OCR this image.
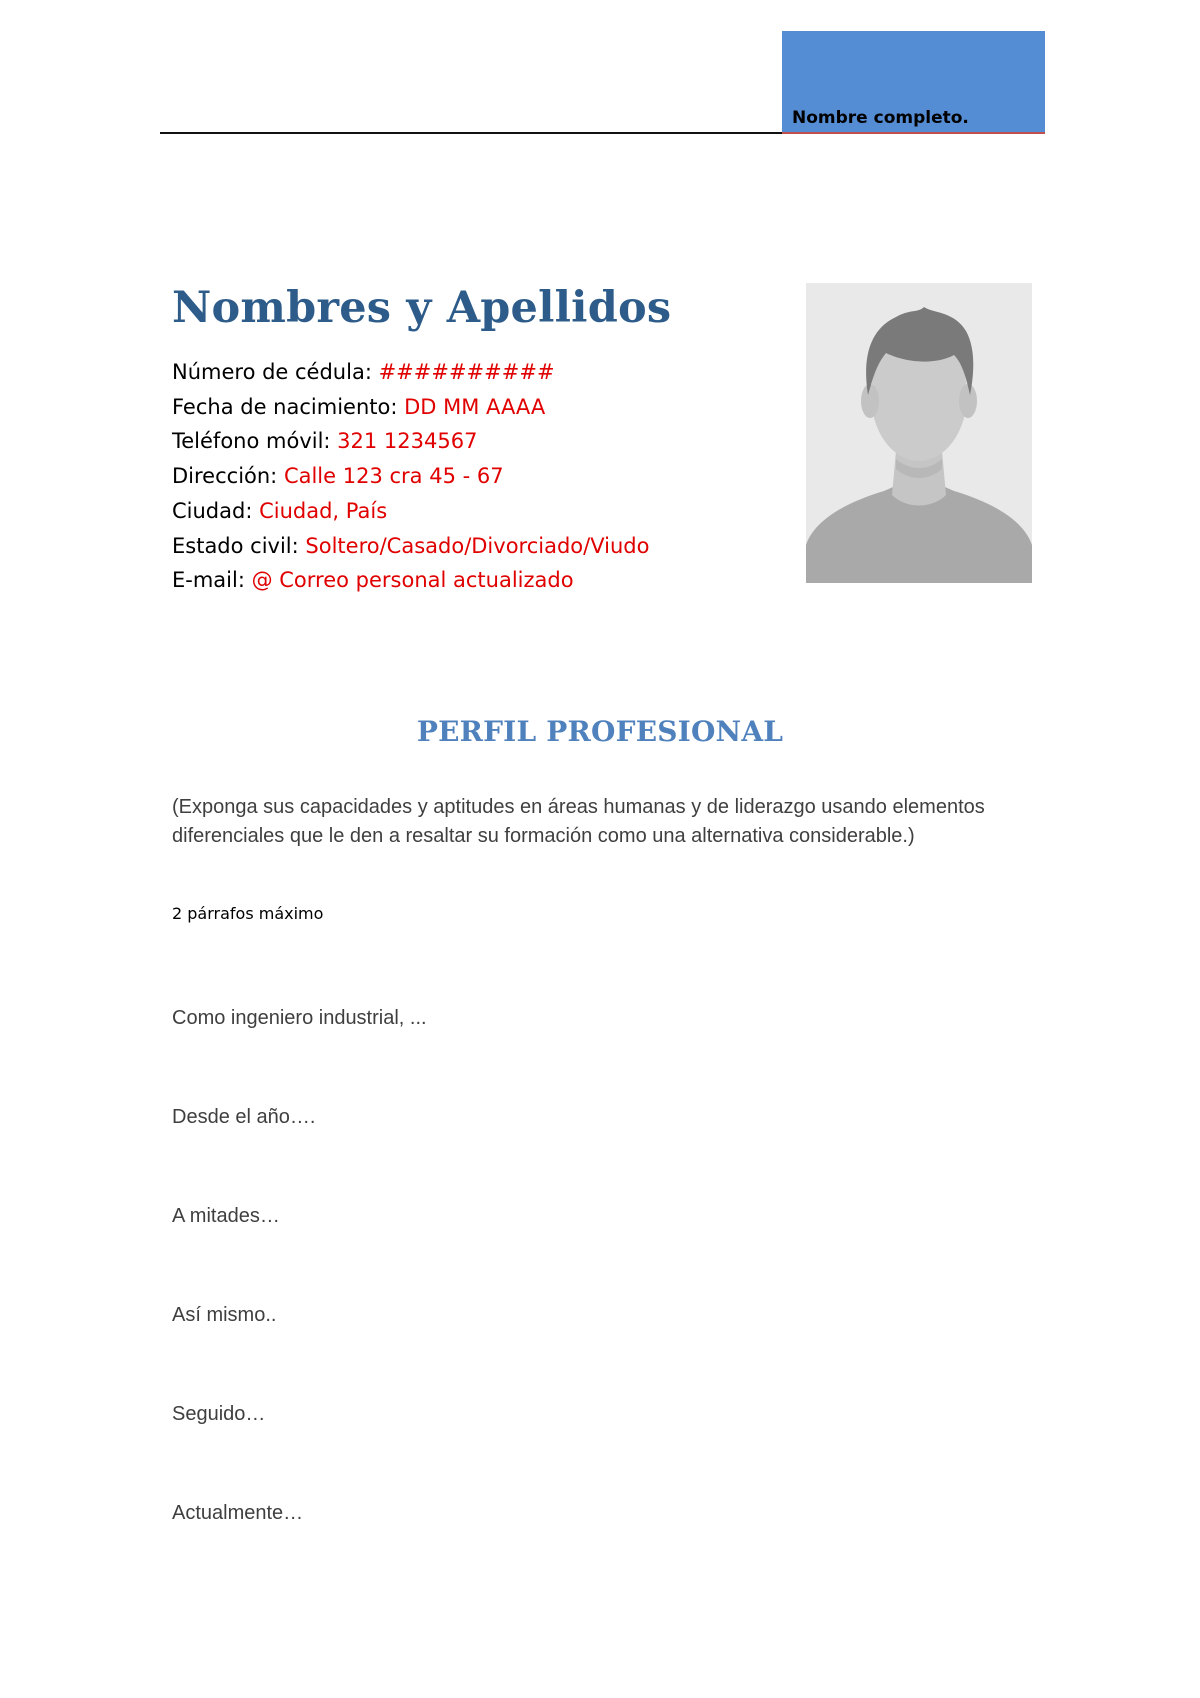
Nombre completo.
Nombres y Apellidos
Número de cédula: ##########
Fecha de nacimiento: DD MM AAAA
Teléfono móvil: 321 1234567
Dirección: Calle 123 cra 45 - 67
Ciudad: Ciudad, País
Estado civil: Soltero/Casado/Divorciado/Viudo
E-mail: @ Correo personal actualizado
PERFIL PROFESIONAL

(Exponga sus capacidades y aptitudes en áreas humanas y de liderazgo usando elementos diferenciales que le den a resaltar su formación como una alternativa considerable.)

2 párrafos máximo

Como ingeniero industrial, ...

Desde el año….

A mitades…

Así mismo..

Seguido…

Actualmente…
